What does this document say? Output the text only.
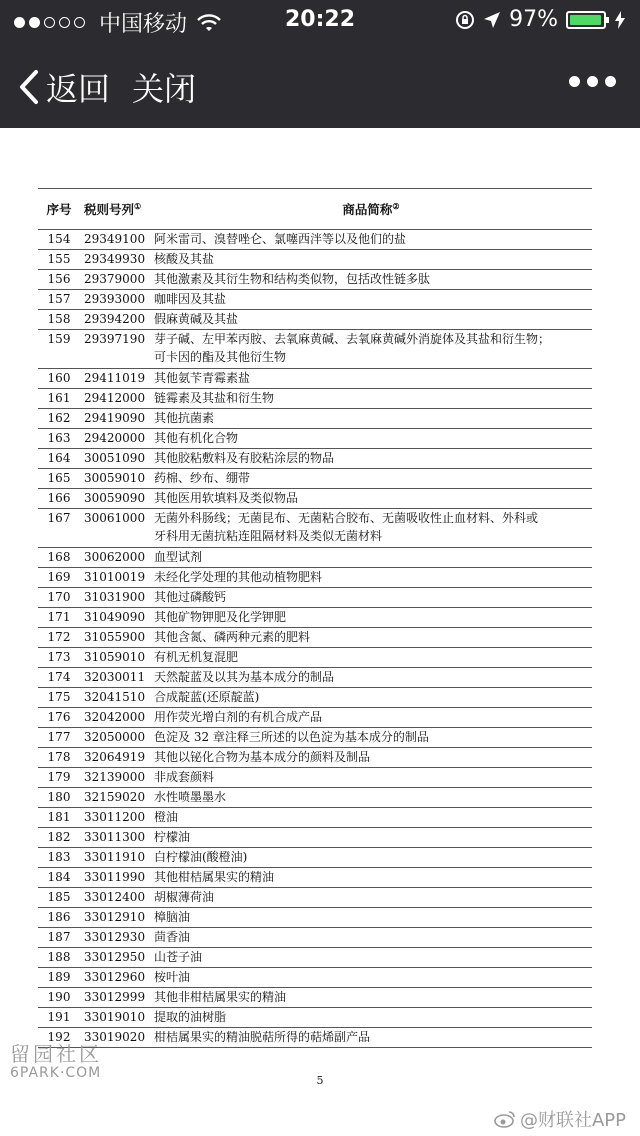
中国移动	20:22	97%
返回 关闭
序号	税则号列①	商品简称②
154	29349100	阿米雷司、溴替唑仑、氯噻西泮等以及他们的盐
155	29349930	核酸及其盐
156	29379000	其他激素及其衍生物和结构类似物，包括改性链多肽
157	29393000	咖啡因及其盐
158	29394200	假麻黄碱及其盐
159	29397190	芽子碱、左甲苯丙胺、去氧麻黄碱、去氧麻黄碱外消旋体及其盐和衍生物；
可卡因的酯及其他衍生物

160	29411019	其他氨苄青霉素盐
161	29412000	链霉素及其盐和衍生物
162	29419090	其他抗菌素
163	29420000	其他有机化合物
164	30051090	其他胶粘敷料及有胶粘涂层的物品
165	30059010	药棉、纱布、绷带
166	30059090	其他医用软填料及类似物品
167	30061000	无菌外科肠线；无菌昆布、无菌粘合胶布、无菌吸收性止血材料、外科或
牙科用无菌抗粘连阻隔材料及类似无菌材料

168	30062000	血型试剂
169	31010019	未经化学处理的其他动植物肥料
170	31031900	其他过磷酸钙
171	31049090	其他矿物钾肥及化学钾肥
172	31055900	其他含氮、磷两种元素的肥料
173	31059010	有机无机复混肥
174	32030011	天然靛蓝及以其为基本成分的制品
175	32041510	合成靛蓝(还原靛蓝)
176	32042000	用作荧光增白剂的有机合成产品
177	32050000	色淀及 32 章注释三所述的以色淀为基本成分的制品
178	32064919	其他以铋化合物为基本成分的颜料及制品
179	32139000	非成套颜料
180	32159020	水性喷墨墨水
181	33011200	橙油
182	33011300	柠檬油
183	33011910	白柠檬油(酸橙油)
184	33011990	其他柑桔属果实的精油
185	33012400	胡椒薄荷油
186	33012910	樟脑油
187	33012930	茴香油
188	33012950	山苍子油
189	33012960	桉叶油
190	33012999	其他非柑桔属果实的精油
191	33019010	提取的油树脂
192	33019020	柑桔属果实的精油脱萜所得的萜烯副产品
5
留园社区
6PARK·COM
@财联社APP
